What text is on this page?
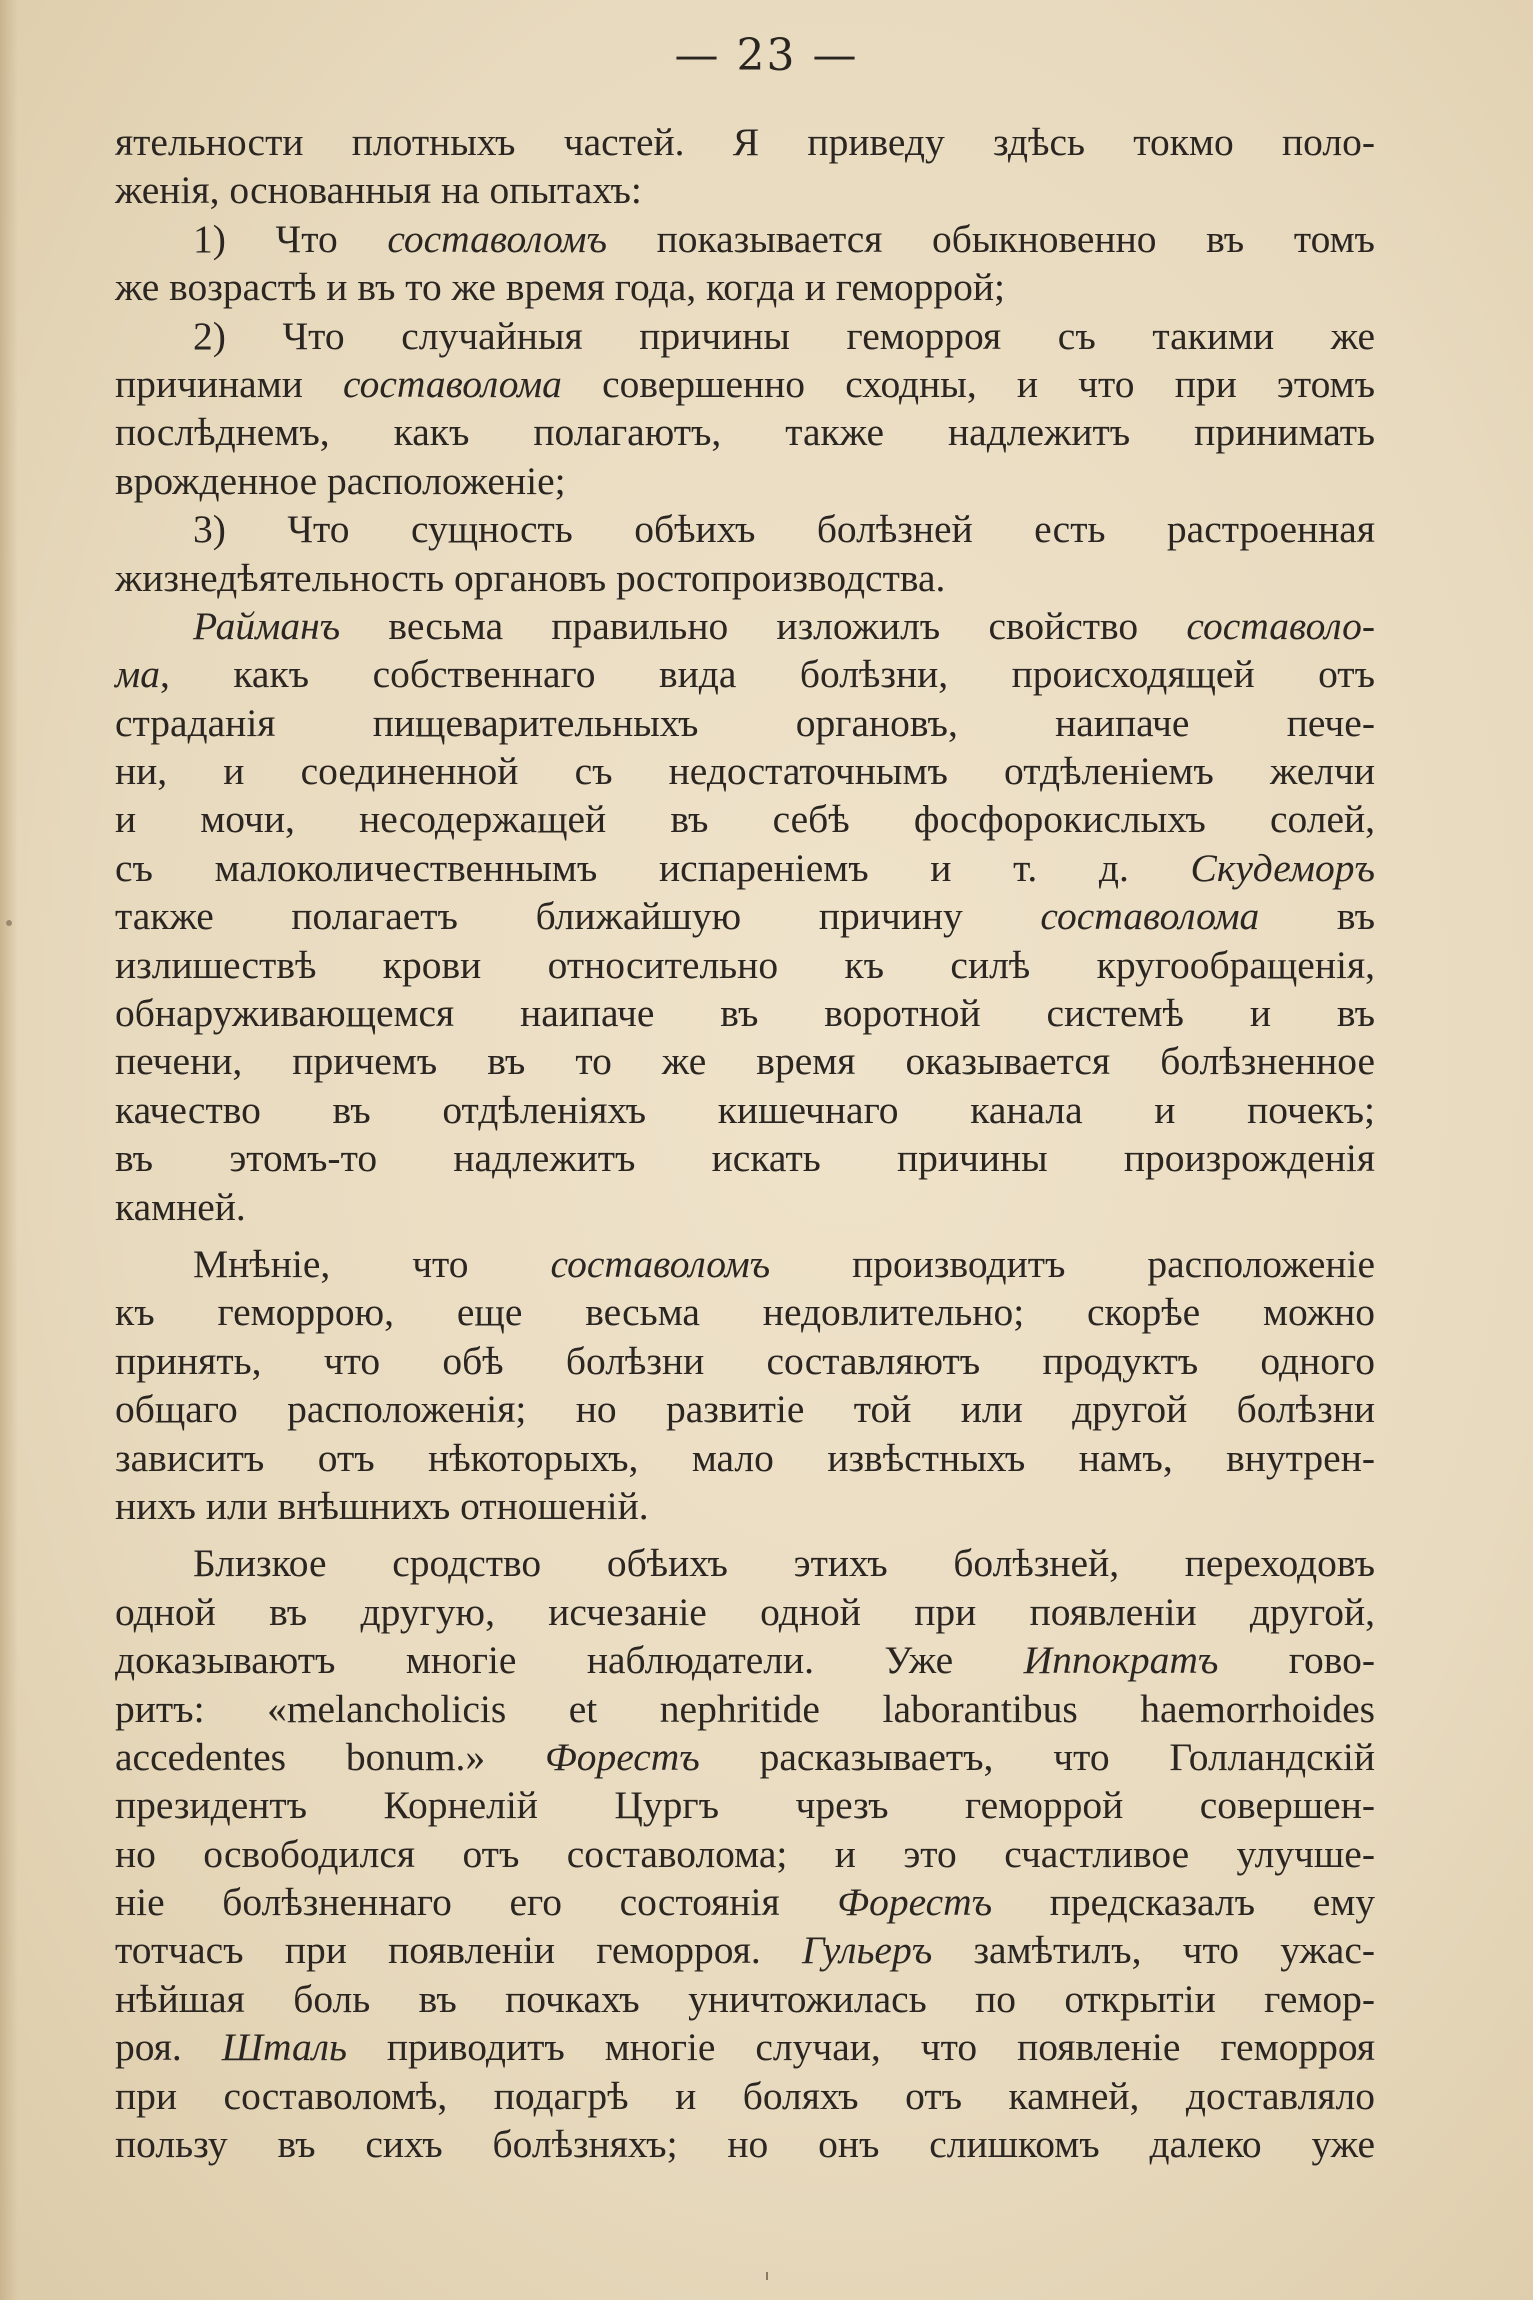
— 23 —
ятельности плотныхъ частей. Я приведу здѣсь токмо поло-
женія, основанныя на опытахъ:
1) Что составоломъ показывается обыкновенно въ томъ
же возрастѣ и въ то же время года, когда и геморрой;
2) Что случайныя причины геморроя съ такими же
причинами составолома совершенно сходны, и что при этомъ
послѣднемъ, какъ полагаютъ, также надлежитъ принимать
врожденное расположеніе;
3) Что сущность обѣихъ болѣзней есть растроенная
жизнедѣятельность органовъ ростопроизводства.
Райманъ весьма правильно изложилъ свойство составоло-
ма, какъ собственнаго вида болѣзни, происходящей отъ
страданія пищеварительныхъ органовъ, наипаче пече-
ни, и соединенной съ недостаточнымъ отдѣленіемъ желчи
и мочи, несодержащей въ себѣ фосфорокислыхъ солей,
съ малоколичественнымъ испареніемъ и т. д. Скудеморъ
также полагаетъ ближайшую причину составолома въ
излишествѣ крови относительно къ силѣ кругообращенія,
обнаруживающемся наипаче въ воротной системѣ и въ
печени, причемъ въ то же время оказывается болѣзненное
качество въ отдѣленіяхъ кишечнаго канала и почекъ;
въ этомъ-то надлежитъ искать причины произрожденія
камней.
Мнѣніе, что составоломъ производитъ расположеніе
къ геморрою, еще весьма недовлительно; скорѣе можно
принять, что обѣ болѣзни составляютъ продуктъ одного
общаго расположенія; но развитіе той или другой болѣзни
зависитъ отъ нѣкоторыхъ, мало извѣстныхъ намъ, внутрен-
нихъ или внѣшнихъ отношеній.
Близкое сродство обѣихъ этихъ болѣзней, переходовъ
одной въ другую, исчезаніе одной при появленіи другой,
доказываютъ многіе наблюдатели. Уже Иппократъ гово-
ритъ: «melancholicis et nephritide laborantibus haemorrhoides
accedentes bonum.» Форестъ расказываетъ, что Голландскій
президентъ Корнелій Цургъ чрезъ геморрой совершен-
но освободился отъ составолома; и это счастливое улучше-
ніе болѣзненнаго его состоянія Форестъ предсказалъ ему
тотчасъ при появленіи геморроя. Гульеръ замѣтилъ, что ужас-
нѣйшая боль въ почкахъ уничтожилась по открытіи гемор-
роя. Шталь приводитъ многіе случаи, что появленіе геморроя
при составоломѣ, подагрѣ и боляхъ отъ камней, доставляло
пользу въ сихъ болѣзняхъ; но онъ слишкомъ далеко уже
